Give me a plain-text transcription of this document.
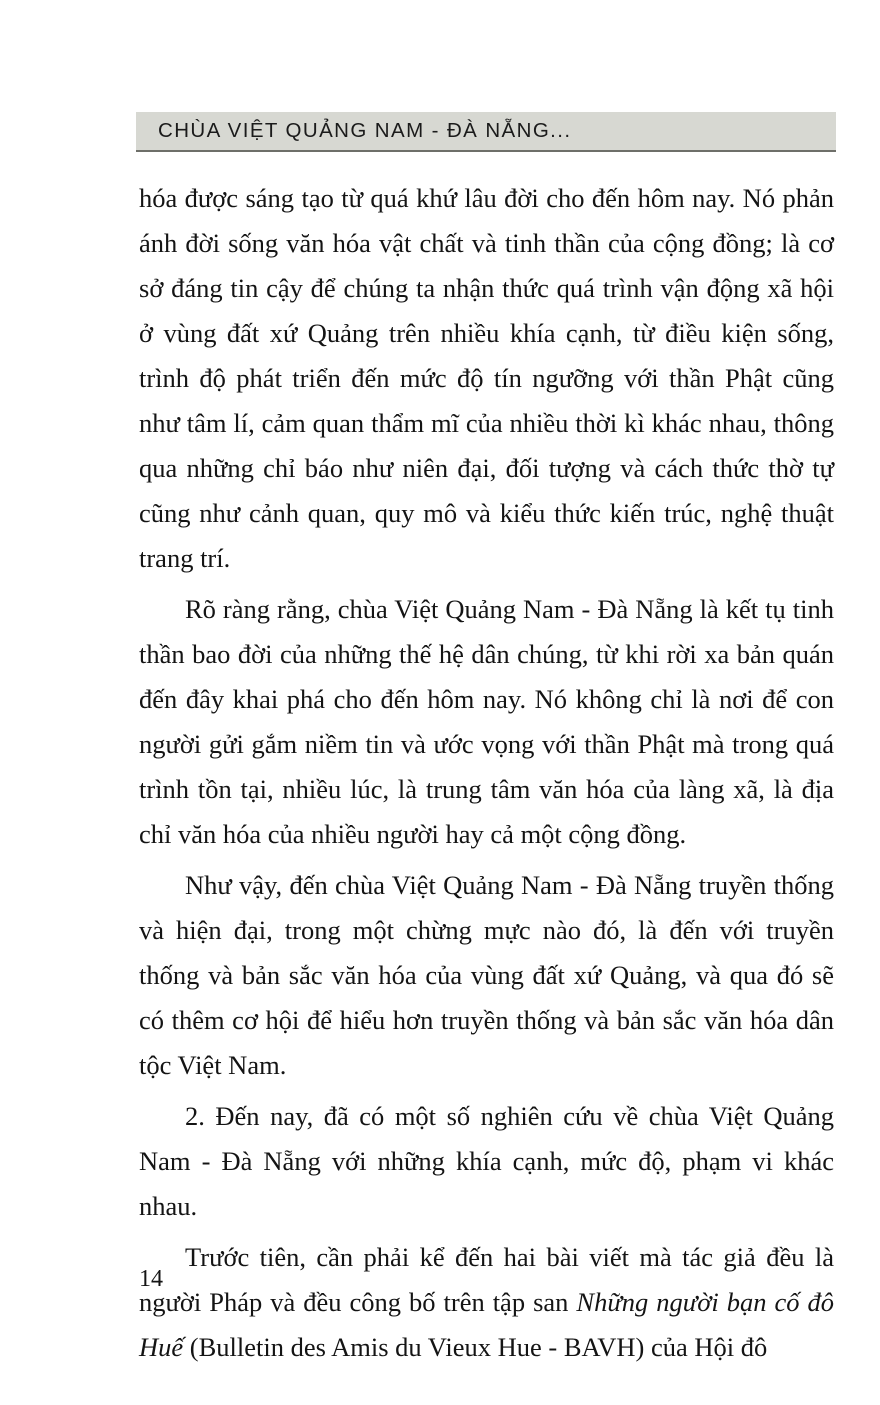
CHÙA VIỆT QUẢNG NAM - ĐÀ NẴNG...

hóa được sáng tạo từ quá khứ lâu đời cho đến hôm nay. Nó phản ánh đời sống văn hóa vật chất và tinh thần của cộng đồng; là cơ sở đáng tin cậy để chúng ta nhận thức quá trình vận động xã hội ở vùng đất xứ Quảng trên nhiều khía cạnh, từ điều kiện sống, trình độ phát triển đến mức độ tín ngưỡng với thần Phật cũng như tâm lí, cảm quan thẩm mĩ của nhiều thời kì khác nhau, thông qua những chỉ báo như niên đại, đối tượng và cách thức thờ tự cũng như cảnh quan, quy mô và kiểu thức kiến trúc, nghệ thuật trang trí.

Rõ ràng rằng, chùa Việt Quảng Nam - Đà Nẵng là kết tụ tinh thần bao đời của những thế hệ dân chúng, từ khi rời xa bản quán đến đây khai phá cho đến hôm nay. Nó không chỉ là nơi để con người gửi gắm niềm tin và ước vọng với thần Phật mà trong quá trình tồn tại, nhiều lúc, là trung tâm văn hóa của làng xã, là địa chỉ văn hóa của nhiều người hay cả một cộng đồng.

Như vậy, đến chùa Việt Quảng Nam - Đà Nẵng truyền thống và hiện đại, trong một chừng mực nào đó, là đến với truyền thống và bản sắc văn hóa của vùng đất xứ Quảng, và qua đó sẽ có thêm cơ hội để hiểu hơn truyền thống và bản sắc văn hóa dân tộc Việt Nam.

2. Đến nay, đã có một số nghiên cứu về chùa Việt Quảng Nam - Đà Nẵng với những khía cạnh, mức độ, phạm vi khác nhau.

Trước tiên, cần phải kể đến hai bài viết mà tác giả đều là người Pháp và đều công bố trên tập san Những người bạn cố đô Huế (Bulletin des Amis du Vieux Hue - BAVH) của Hội đô

14
